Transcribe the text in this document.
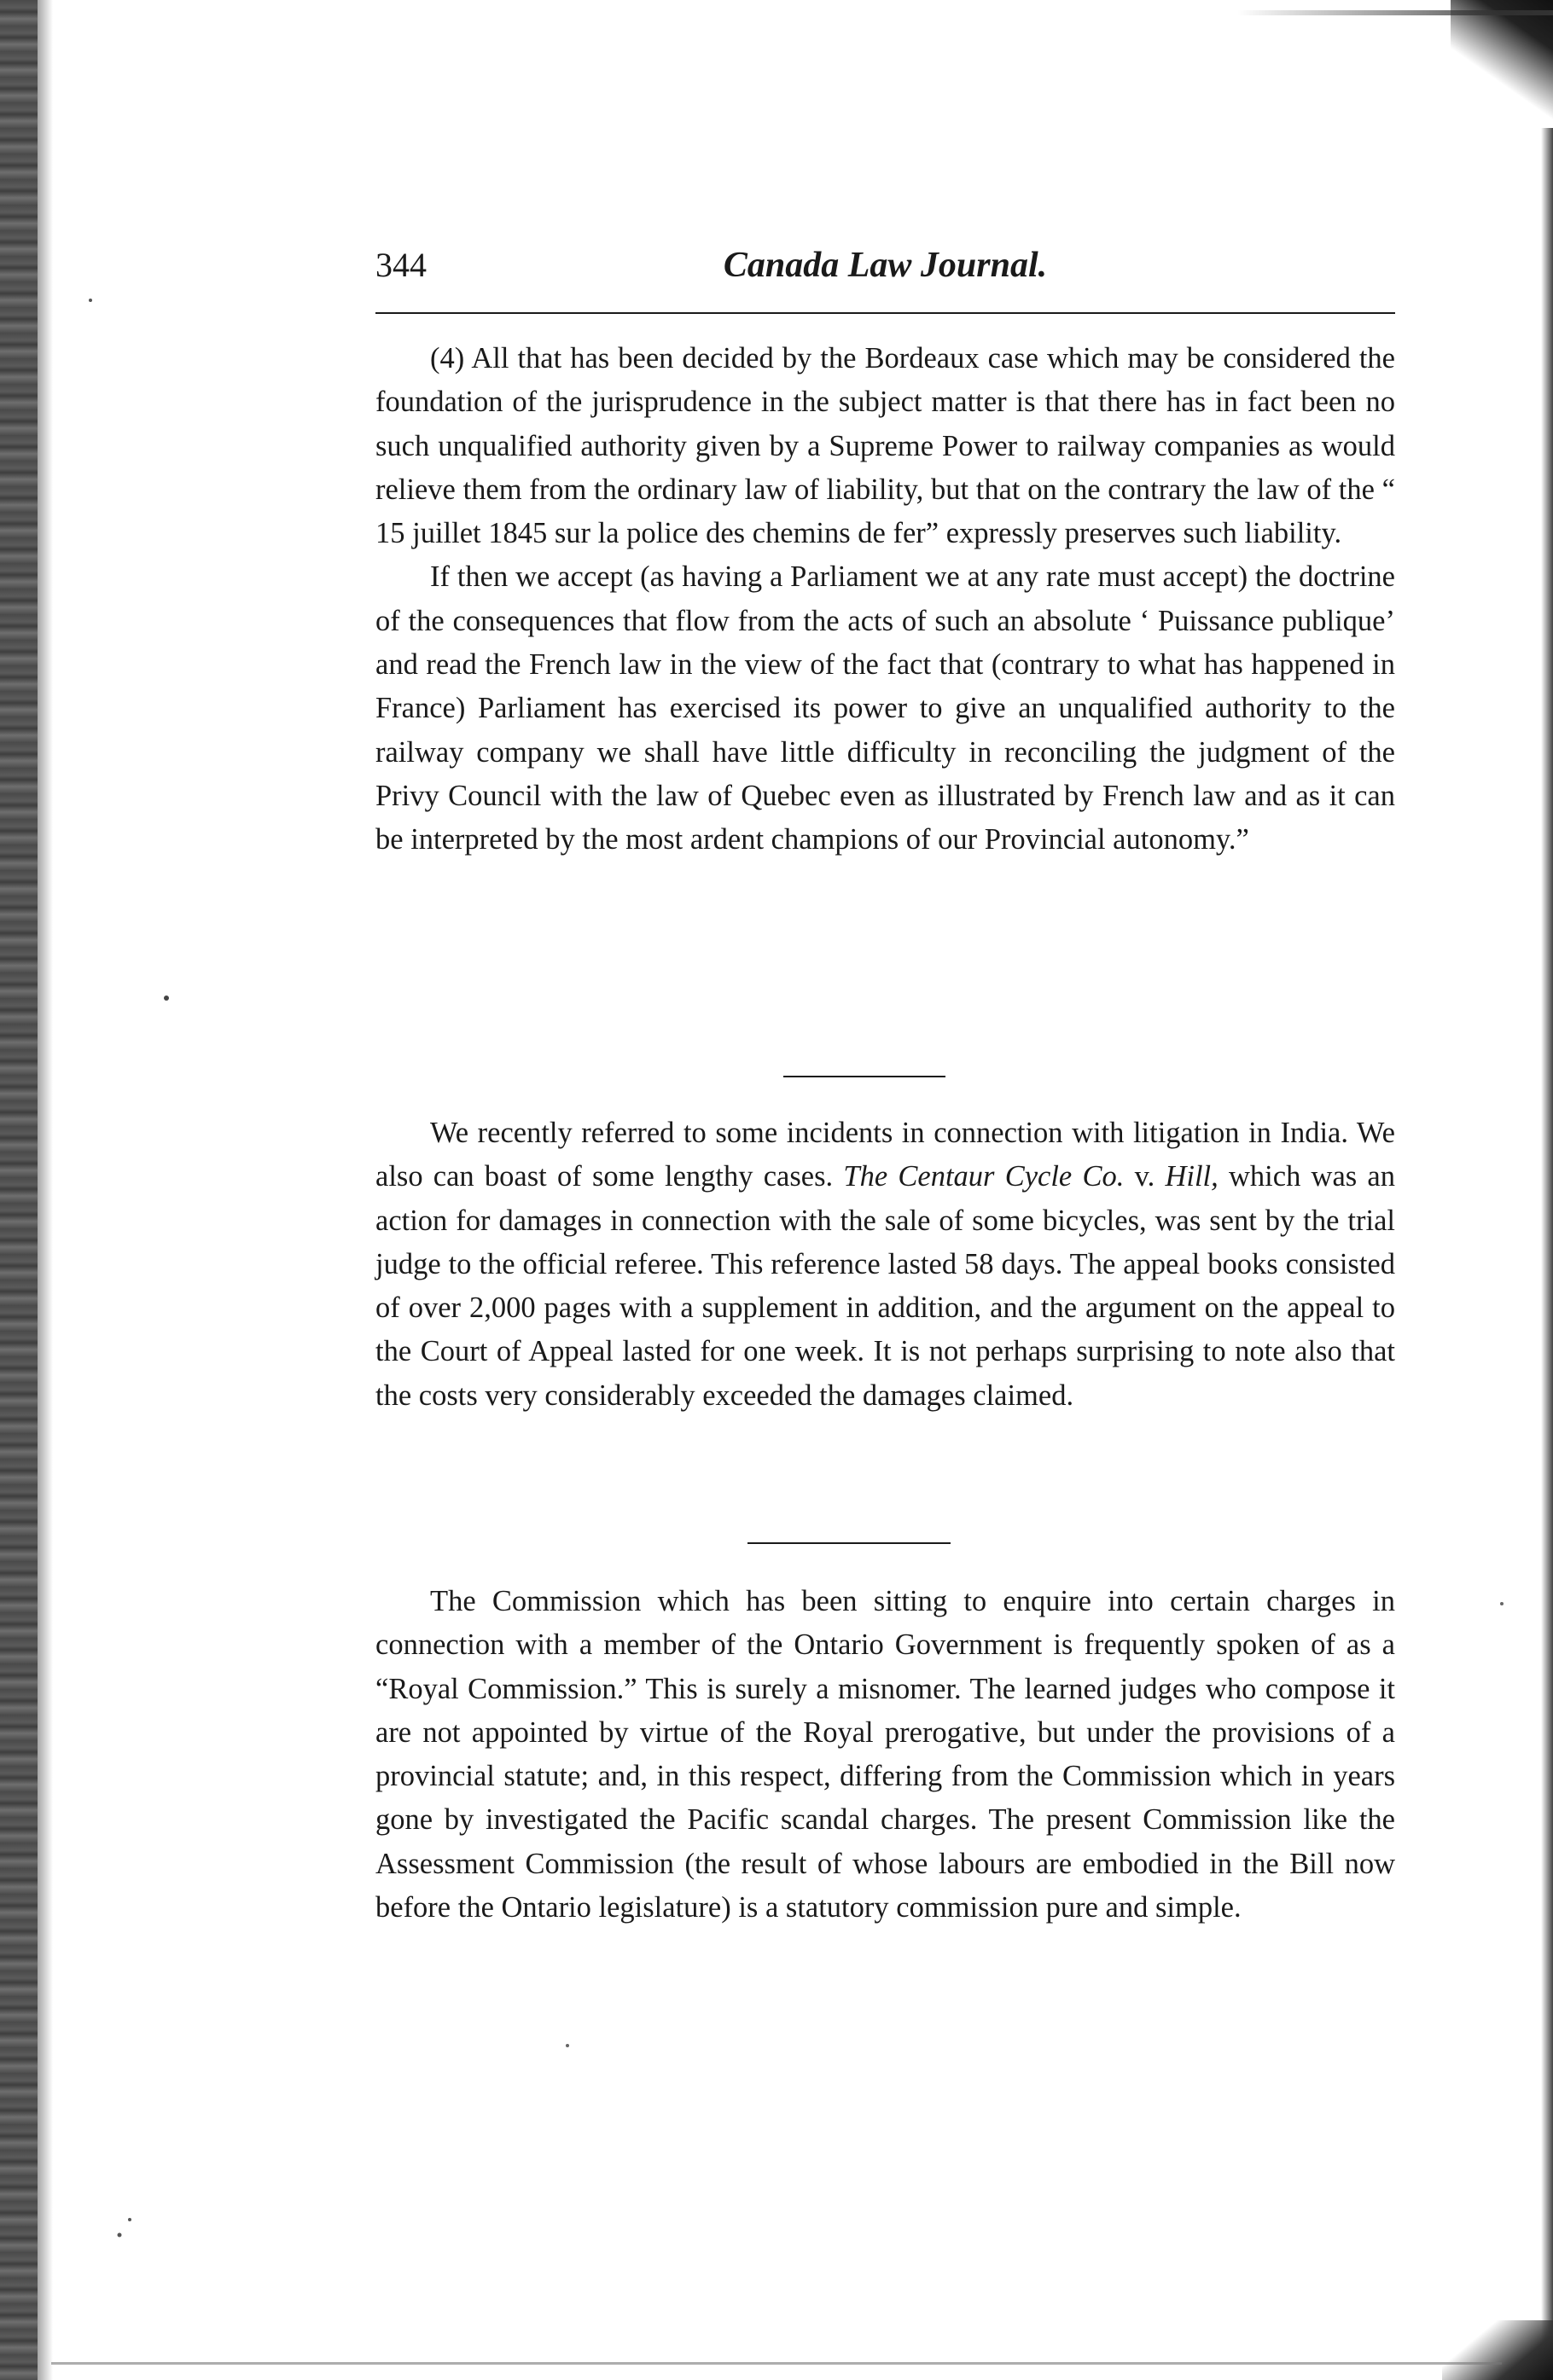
344	Canada Law Journal.

(4) All that has been decided by the Bordeaux case which may be considered the foundation of the jurisprudence in the subject matter is that there has in fact been no such unqualified authority given by a Supreme Power to railway companies as would relieve them from the ordinary law of liability, but that on the contrary the law of the “ 15 juillet 1845 sur la police des chemins de fer” expressly preserves such liability.

If then we accept (as having a Parliament we at any rate must accept) the doctrine of the consequences that flow from the acts of such an absolute ‘ Puissance publique’ and read the French law in the view of the fact that (contrary to what has happened in France) Parliament has exercised its power to give an unqualified authority to the railway company we shall have little difficulty in reconciling the judgment of the Privy Council with the law of Quebec even as illustrated by French law and as it can be interpreted by the most ardent champions of our Provincial autonomy.”

We recently referred to some incidents in connection with litigation in India. We also can boast of some lengthy cases. The Centaur Cycle Co. v. Hill, which was an action for damages in connection with the sale of some bicycles, was sent by the trial judge to the official referee. This reference lasted 58 days. The appeal books consisted of over 2,000 pages with a supplement in addition, and the argument on the appeal to the Court of Appeal lasted for one week. It is not perhaps surprising to note also that the costs very considerably exceeded the damages claimed.

The Commission which has been sitting to enquire into certain charges in connection with a member of the Ontario Government is frequently spoken of as a “Royal Commission.” This is surely a misnomer. The learned judges who compose it are not appointed by virtue of the Royal prerogative, but under the provisions of a provincial statute; and, in this respect, differing from the Commission which in years gone by investigated the Pacific scandal charges. The present Commission like the Assessment Commission (the result of whose labours are embodied in the Bill now before the Ontario legislature) is a statutory commission pure and simple.
